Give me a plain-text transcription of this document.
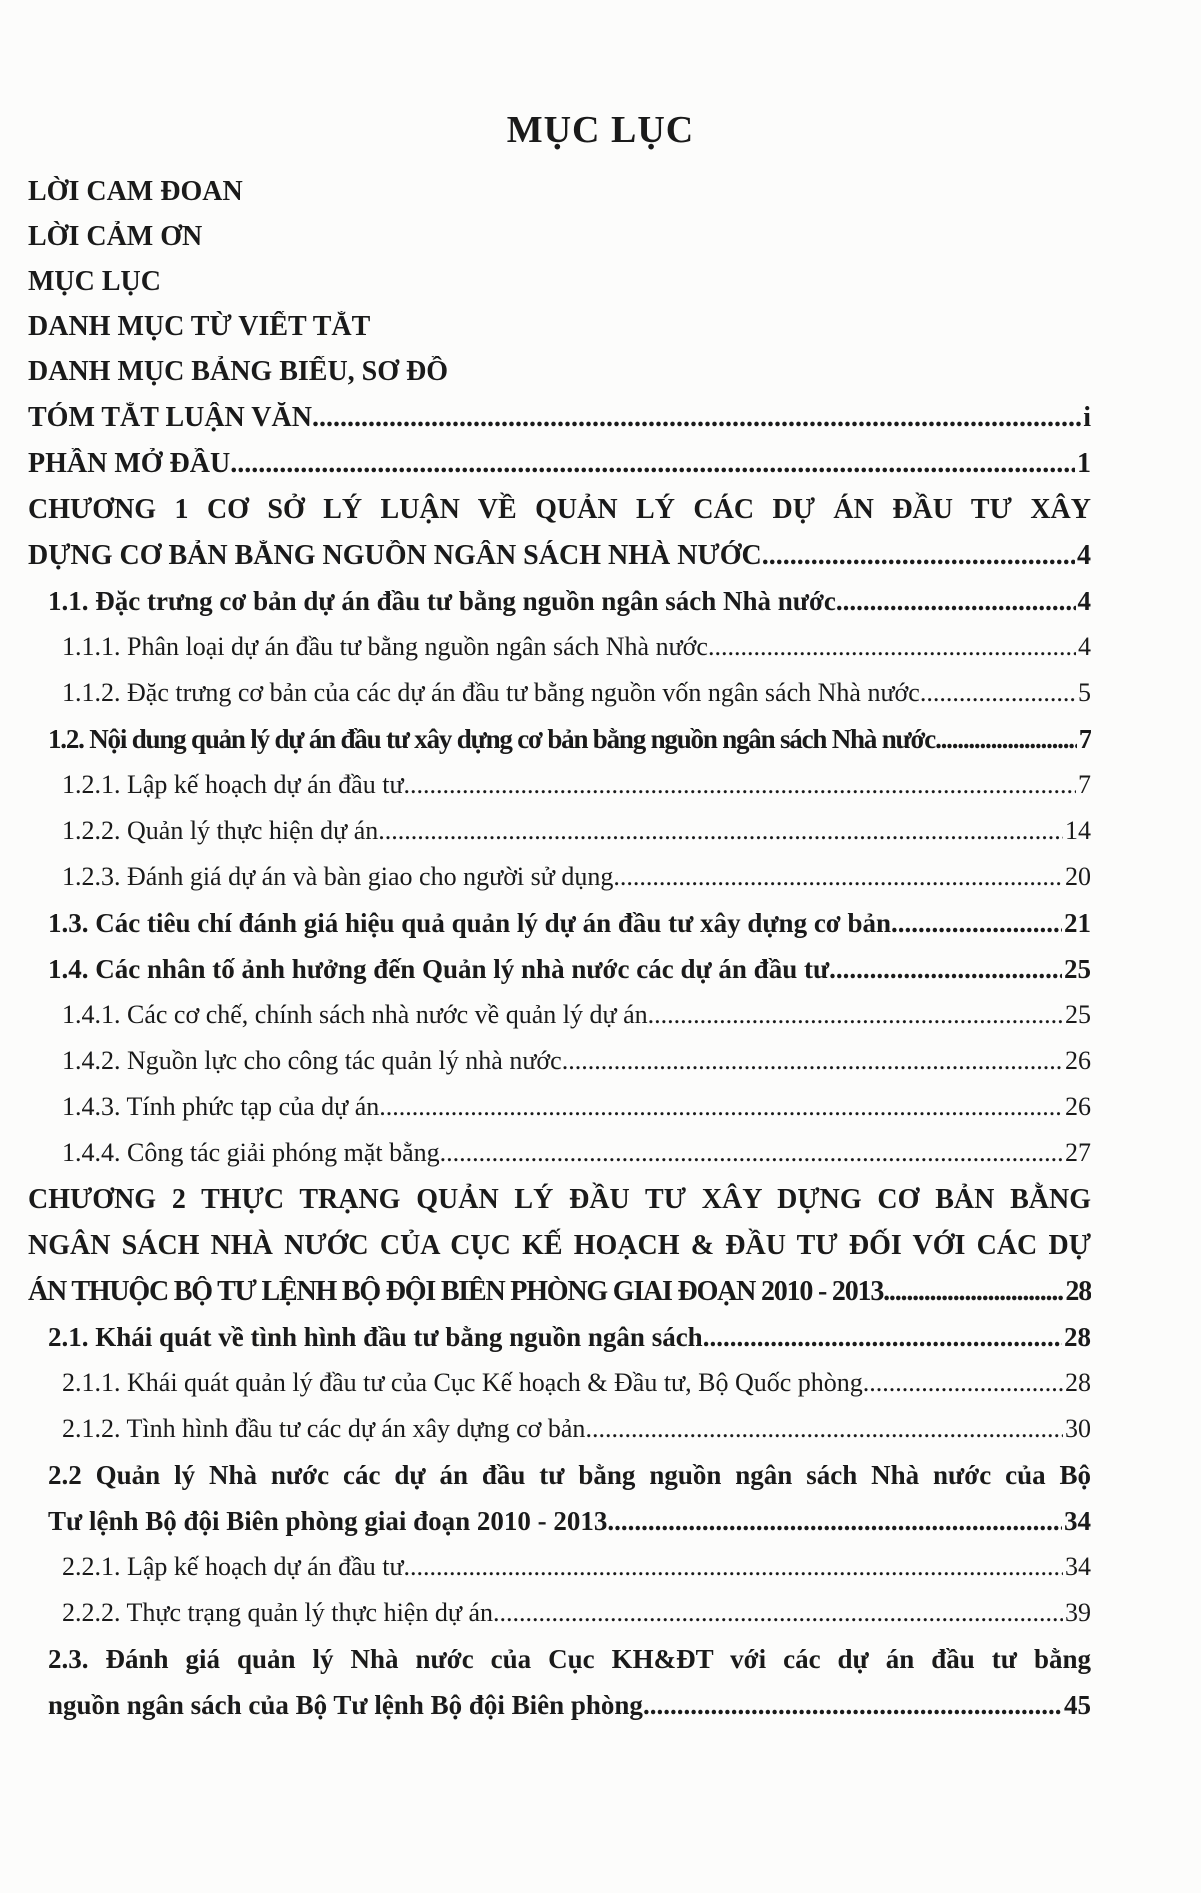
MỤC LỤC
LỜI CAM ĐOAN
LỜI CẢM ƠN
MỤC LỤC
DANH MỤC TỪ VIẾT TẮT
DANH MỤC BẢNG BIỂU, SƠ ĐỒ
TÓM TẮT LUẬN VĂN .....	i
PHẦN MỞ ĐẦU .....	1
CHƯƠNG 1 CƠ SỞ LÝ LUẬN VỀ QUẢN LÝ CÁC DỰ ÁN ĐẦU TƯ XÂY
DỰNG CƠ BẢN BẰNG NGUỒN NGÂN SÁCH NHÀ NƯỚC .....	4
1.1. Đặc trưng cơ bản dự án đầu tư bằng nguồn ngân sách Nhà nước .....	4
1.1.1. Phân loại dự án đầu tư bằng nguồn ngân sách Nhà nước .....	4
1.1.2. Đặc trưng cơ bản của các dự án đầu tư bằng nguồn vốn ngân sách Nhà nước .....	5
1.2. Nội dung quản lý dự án đầu tư xây dựng cơ bản bằng nguồn ngân sách Nhà nước .....	7
1.2.1. Lập kế hoạch dự án đầu tư .....	7
1.2.2. Quản lý thực hiện dự án .....	14
1.2.3. Đánh giá dự án và bàn giao cho người sử dụng .....	20
1.3. Các tiêu chí đánh giá hiệu quả quản lý dự án đầu tư xây dựng cơ bản .....	21
1.4. Các nhân tố ảnh hưởng đến Quản lý nhà nước các dự án đầu tư .....	25
1.4.1. Các cơ chế, chính sách nhà nước về quản lý dự án .....	25
1.4.2. Nguồn lực cho công tác quản lý nhà nước .....	26
1.4.3. Tính phức tạp của dự án .....	26
1.4.4. Công tác giải phóng mặt bằng .....	27
CHƯƠNG 2 THỰC TRẠNG QUẢN LÝ ĐẦU TƯ XÂY DỰNG CƠ BẢN BẰNG
NGÂN SÁCH NHÀ NƯỚC CỦA CỤC KẾ HOẠCH & ĐẦU TƯ ĐỐI VỚI CÁC DỰ
ÁN THUỘC BỘ TƯ LỆNH BỘ ĐỘI BIÊN PHÒNG GIAI ĐOẠN 2010 - 2013 .....	28
2.1. Khái quát về tình hình đầu tư bằng nguồn ngân sách .....	28
2.1.1. Khái quát quản lý đầu tư của Cục Kế hoạch & Đầu tư, Bộ Quốc phòng .....	28
2.1.2. Tình hình đầu tư các dự án xây dựng cơ bản .....	30
2.2 Quản lý Nhà nước các dự án đầu tư bằng nguồn ngân sách Nhà nước của Bộ
Tư lệnh Bộ đội Biên phòng giai đoạn 2010 - 2013 .....	34
2.2.1. Lập kế hoạch dự án đầu tư .....	34
2.2.2. Thực trạng quản lý thực hiện dự án .....	39
2.3. Đánh giá quản lý Nhà nước của Cục KH&ĐT với các dự án đầu tư bằng
nguồn ngân sách của Bộ Tư lệnh Bộ đội Biên phòng .....	45
